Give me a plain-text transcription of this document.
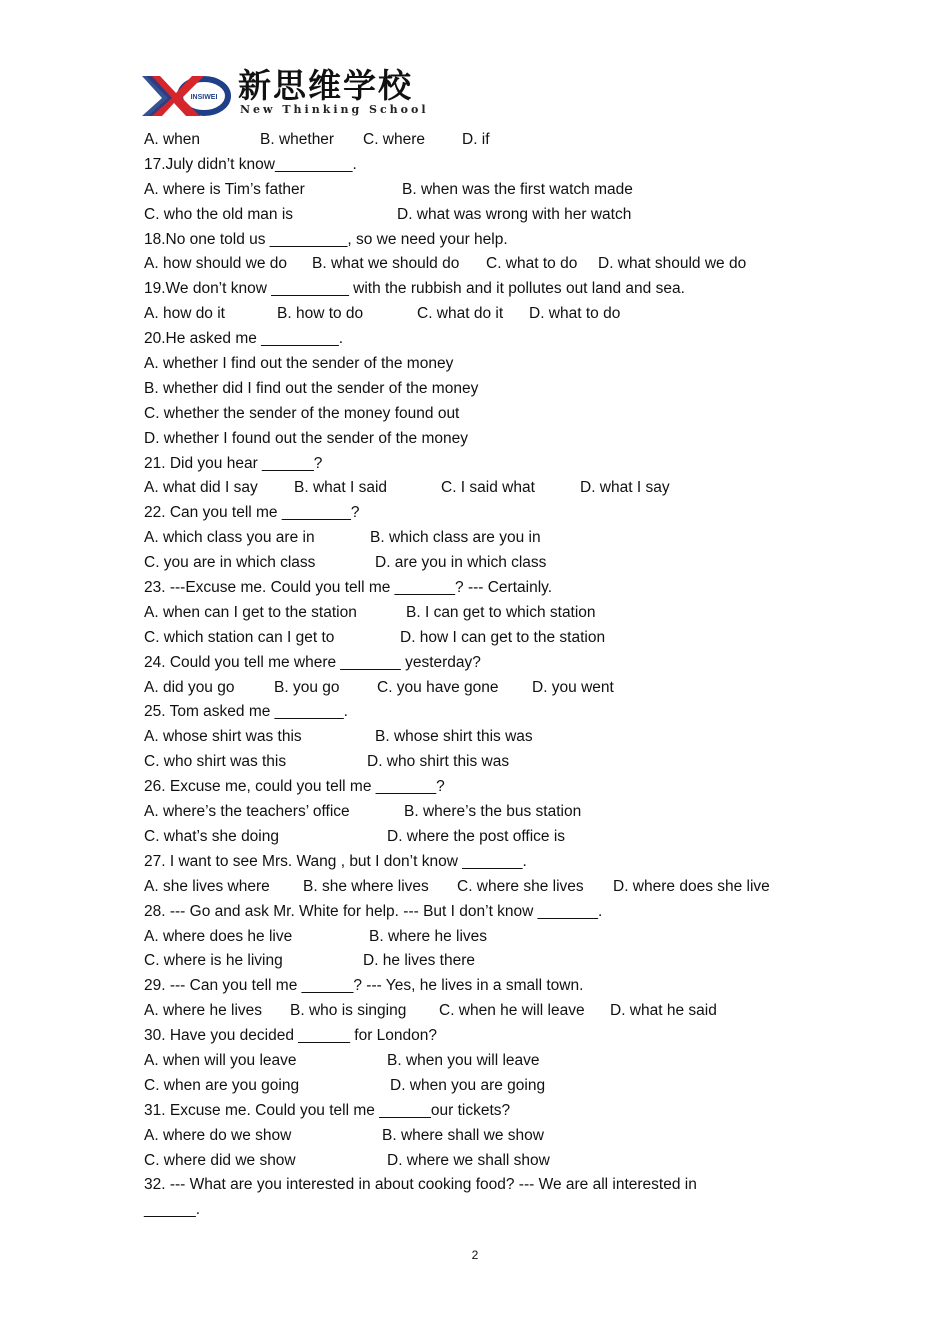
INSIWEI 新思维学校
New Thinking School
A. when	B. whether C. where D. if
17.July didn’t know_________.
A. where is Tim’s father	B. when was the first watch made
C. who the old man is	D. what was wrong with her watch
18.No one told us _________, so we need your help.
A. how should we do B. what we should do C. what to do D. what should we do
19.We don’t know _________ with the rubbish and it pollutes out land and sea.
A. how do it	B. how to do	C. what do it D. what to do
20.He asked me _________.
A. whether I find out the sender of the money
B. whether did I find out the sender of the money
C. whether the sender of the money found out
D. whether I found out the sender of the money
21. Did you hear ______?
A. what did I say B. what I said	C. I said what	D. what I say
22. Can you tell me ________?
A. which class you are in	B. which class are you in
C. you are in which class	D. are you in which class
23. ---Excuse me. Could you tell me _______? --- Certainly.
A. when can I get to the station	B. I can get to which station
C. which station can I get to	D. how I can get to the station
24. Could you tell me where _______ yesterday?
A. did you go	B. you go C. you have gone D. you went
25. Tom asked me ________.
A. whose shirt was this	B. whose shirt this was
C. who shirt was this	D. who shirt this was
26. Excuse me, could you tell me _______?
A. where’s the teachers’ office	B. where’s the bus station
C. what’s she doing	D. where the post office is
27. I want to see Mrs. Wang , but I don’t know _______.
A. she lives where B. she where lives C. where she lives D. where does she live
28. --- Go and ask Mr. White for help. --- But I don’t know _______.
A. where does he live	B. where he lives
C. where is he living	D. he lives there
29. --- Can you tell me ______? --- Yes, he lives in a small town.
A. where he lives B. who is singing C. when he will leave D. what he said
30. Have you decided ______ for London?
A. when will you leave	B. when you will leave
C. when are you going	D. when you are going
31. Excuse me. Could you tell me ______our tickets?
A. where do we show	B. where shall we show
C. where did we show	D. where we shall show
32. --- What are you interested in about cooking food? --- We are all interested in
______.
2
